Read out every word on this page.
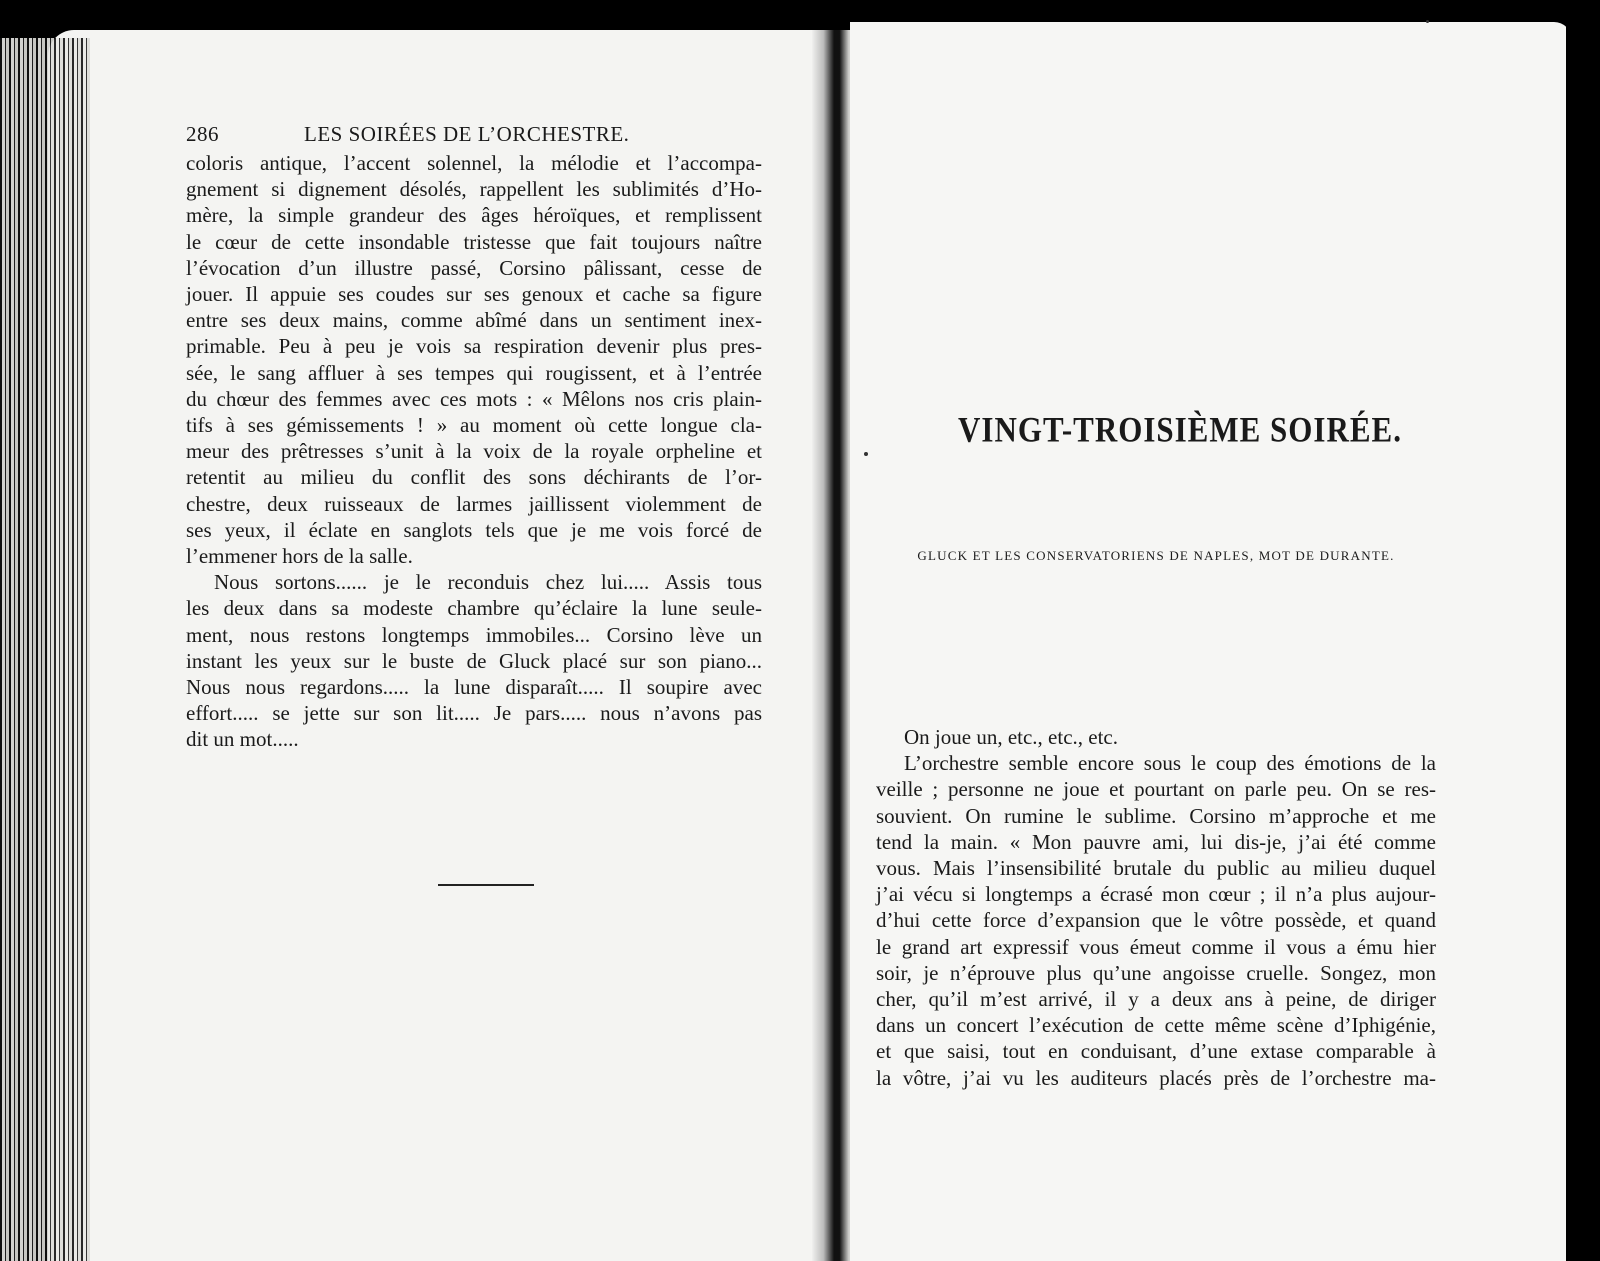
286	LES SOIRÉES DE L’ORCHESTRE.
coloris antique, l’accent solennel, la mélodie et l’accompa-
gnement si dignement désolés, rappellent les sublimités d’Ho-
mère, la simple grandeur des âges héroïques, et remplissent
le cœur de cette insondable tristesse que fait toujours naître
l’évocation d’un illustre passé, Corsino pâlissant, cesse de
jouer. Il appuie ses coudes sur ses genoux et cache sa figure
entre ses deux mains, comme abîmé dans un sentiment inex-
primable. Peu à peu je vois sa respiration devenir plus pres-
sée, le sang affluer à ses tempes qui rougissent, et à l’entrée
du chœur des femmes avec ces mots : « Mêlons nos cris plain-
tifs à ses gémissements ! » au moment où cette longue cla-
meur des prêtresses s’unit à la voix de la royale orpheline et
retentit au milieu du conflit des sons déchirants de l’or-
chestre, deux ruisseaux de larmes jaillissent violemment de
ses yeux, il éclate en sanglots tels que je me vois forcé de
l’emmener hors de la salle.
Nous sortons...... je le reconduis chez lui..... Assis tous
les deux dans sa modeste chambre qu’éclaire la lune seule-
ment, nous restons longtemps immobiles... Corsino lève un
instant les yeux sur le buste de Gluck placé sur son piano...
Nous nous regardons..... la lune disparaît..... Il soupire avec
effort..... se jette sur son lit..... Je pars..... nous n’avons pas
dit un mot.....
VINGT-TROISIÈME SOIRÉE.
GLUCK ET LES CONSERVATORIENS DE NAPLES, MOT DE DURANTE.
On joue un, etc., etc., etc.
L’orchestre semble encore sous le coup des émotions de la
veille ; personne ne joue et pourtant on parle peu. On se res-
souvient. On rumine le sublime. Corsino m’approche et me
tend la main. « Mon pauvre ami, lui dis-je, j’ai été comme
vous. Mais l’insensibilité brutale du public au milieu duquel
j’ai vécu si longtemps a écrasé mon cœur ; il n’a plus aujour-
d’hui cette force d’expansion que le vôtre possède, et quand
le grand art expressif vous émeut comme il vous a ému hier
soir, je n’éprouve plus qu’une angoisse cruelle. Songez, mon
cher, qu’il m’est arrivé, il y a deux ans à peine, de diriger
dans un concert l’exécution de cette même scène d’Iphigénie,
et que saisi, tout en conduisant, d’une extase comparable à
la vôtre, j’ai vu les auditeurs placés près de l’orchestre ma-
